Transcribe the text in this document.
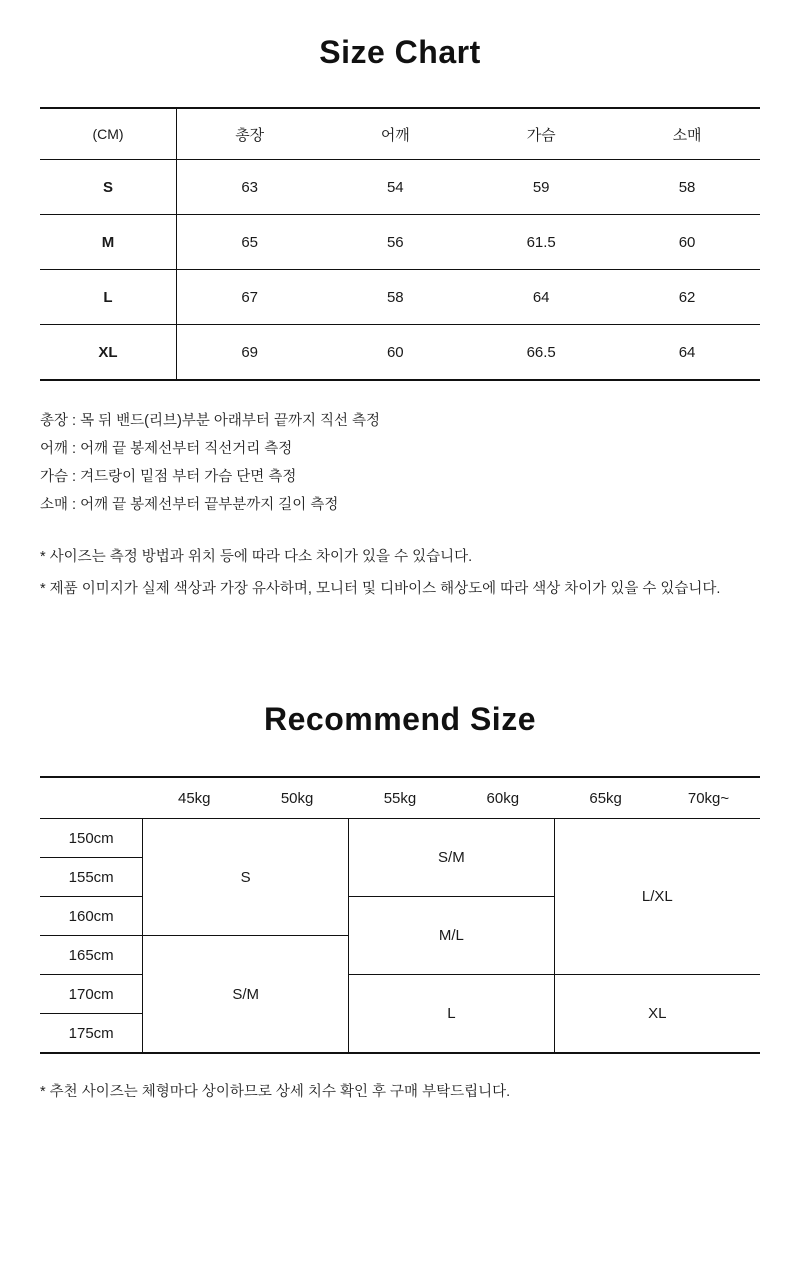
Size Chart
(CM)	총장	어깨	가슴	소매
S	63	54	59	58
M	65	56	61.5	60
L	67	58	64	62
XL	69	60	66.5	64
총장 : 목 뒤 밴드(리브)부분 아래부터 끝까지 직선 측정
어깨 : 어깨 끝 봉제선부터 직선거리 측정
가슴 : 겨드랑이 밑점 부터 가슴 단면 측정
소매 : 어깨 끝 봉제선부터 끝부분까지 길이 측정
* 사이즈는 측정 방법과 위치 등에 따라 다소 차이가 있을 수 있습니다.
* 제품 이미지가 실제 색상과 가장 유사하며, 모니터 및 디바이스 해상도에 따라 색상 차이가 있을 수 있습니다.
Recommend Size
	45kg	50kg	55kg	60kg	65kg	70kg~
150cm	S		S/M		L/XL	
155cm						
160cm			M/L			
165cm	S/M					
170cm			L		XL	
175cm						
* 추천 사이즈는 체형마다 상이하므로 상세 치수 확인 후 구매 부탁드립니다.
